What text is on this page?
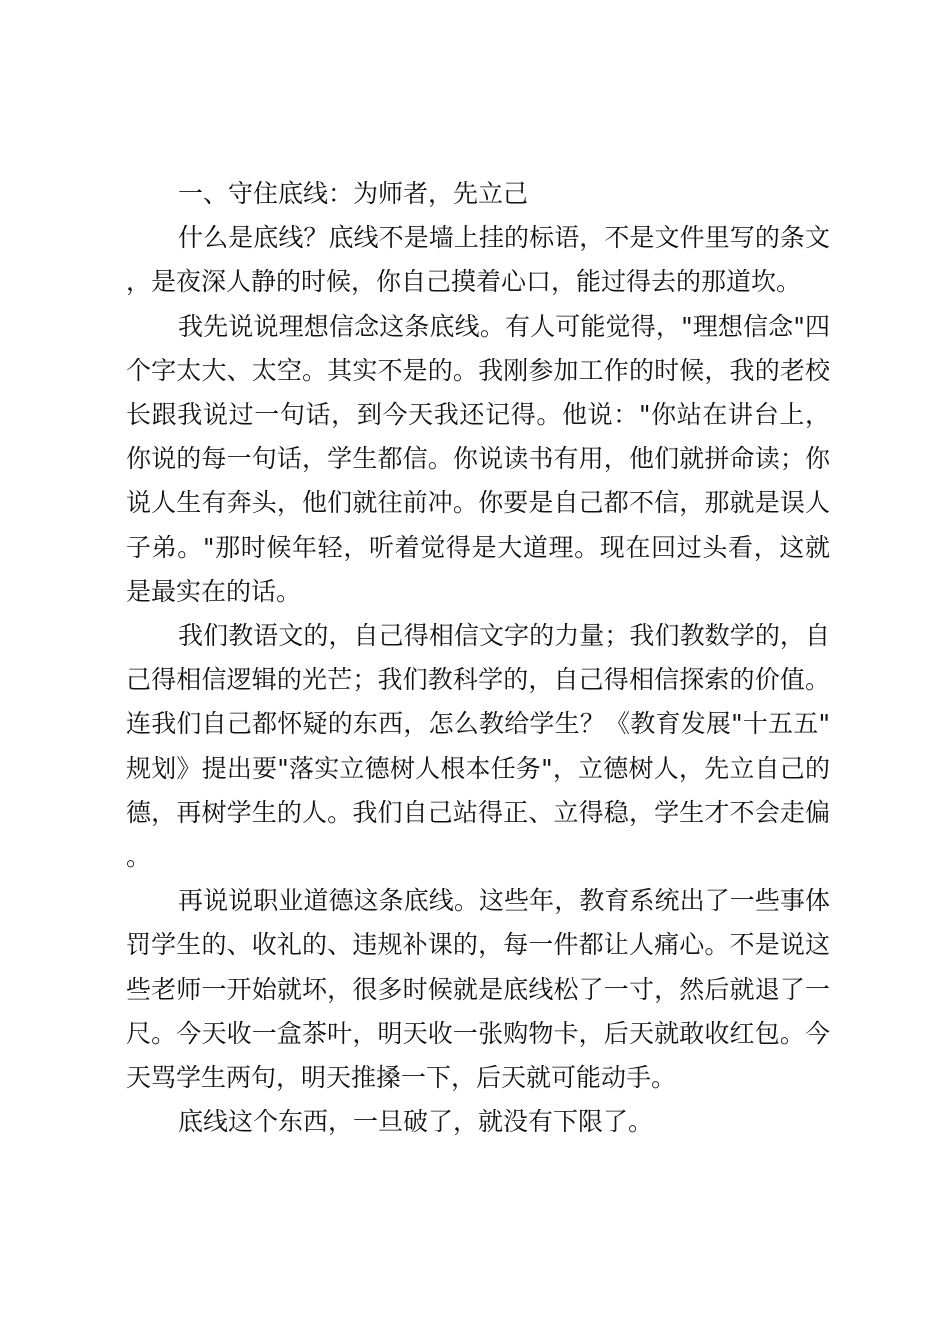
一、守住底线：为师者，先立己

什么是底线？底线不是墙上挂的标语，不是文件里写的条文，是夜深人静的时候，你自己摸着心口，能过得去的那道坎。

我先说说理想信念这条底线。有人可能觉得，"理想信念"四个字太大、太空。其实不是的。我刚参加工作的时候，我的老校长跟我说过一句话，到今天我还记得。他说："你站在讲台上，你说的每一句话，学生都信。你说读书有用，他们就拼命读；你说人生有奔头，他们就往前冲。你要是自己都不信，那就是误人子弟。"那时候年轻，听着觉得是大道理。现在回过头看，这就是最实在的话。

我们教语文的，自己得相信文字的力量；我们教数学的，自己得相信逻辑的光芒；我们教科学的，自己得相信探索的价值。连我们自己都怀疑的东西，怎么教给学生？《教育发展"十五五"规划》提出要"落实立德树人根本任务"，立德树人，先立自己的德，再树学生的人。我们自己站得正、立得稳，学生才不会走偏。

再说说职业道德这条底线。这些年，教育系统出了一些事体罚学生的、收礼的、违规补课的，每一件都让人痛心。不是说这些老师一开始就坏，很多时候就是底线松了一寸，然后就退了一尺。今天收一盒茶叶，明天收一张购物卡，后天就敢收红包。今天骂学生两句，明天推搡一下，后天就可能动手。

底线这个东西，一旦破了，就没有下限了。
